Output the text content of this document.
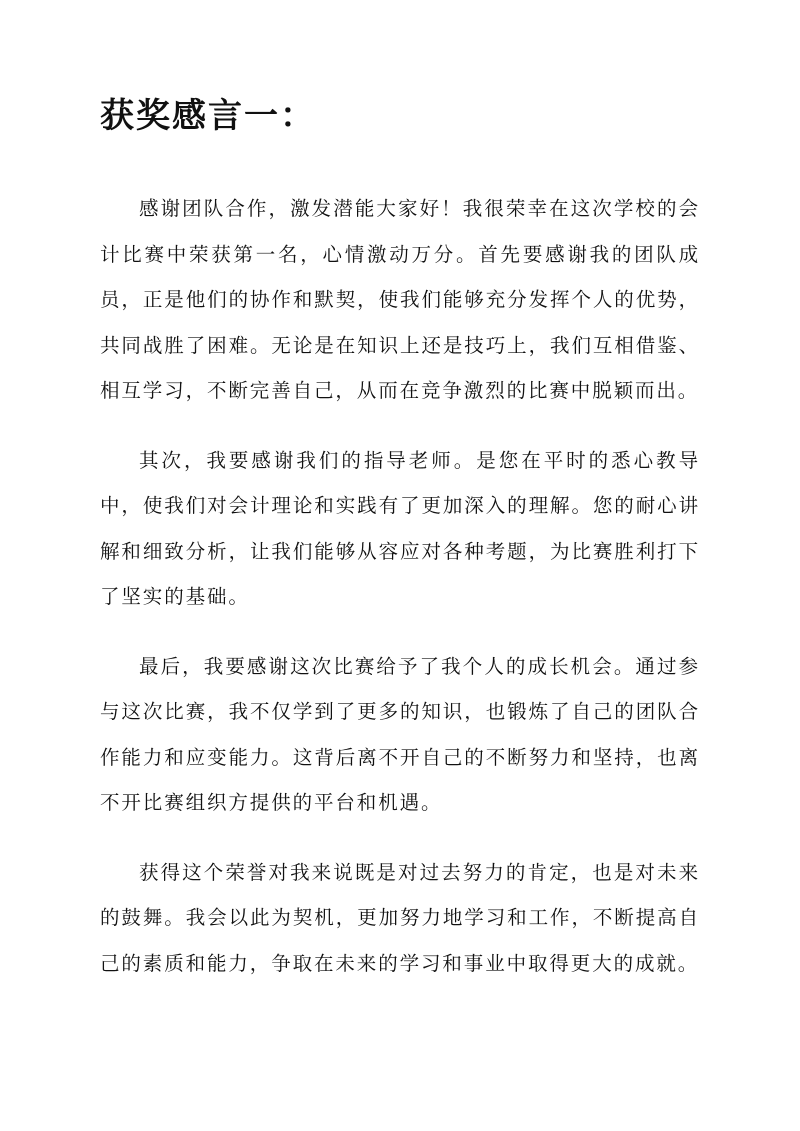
获奖感言一：

感谢团队合作，激发潜能大家好！我很荣幸在这次学校的会计比赛中荣获第一名，心情激动万分。首先要感谢我的团队成员，正是他们的协作和默契，使我们能够充分发挥个人的优势，共同战胜了困难。无论是在知识上还是技巧上，我们互相借鉴、相互学习，不断完善自己，从而在竞争激烈的比赛中脱颖而出。

其次，我要感谢我们的指导老师。是您在平时的悉心教导中，使我们对会计理论和实践有了更加深入的理解。您的耐心讲解和细致分析，让我们能够从容应对各种考题，为比赛胜利打下了坚实的基础。

最后，我要感谢这次比赛给予了我个人的成长机会。通过参与这次比赛，我不仅学到了更多的知识，也锻炼了自己的团队合作能力和应变能力。这背后离不开自己的不断努力和坚持，也离不开比赛组织方提供的平台和机遇。

获得这个荣誉对我来说既是对过去努力的肯定，也是对未来的鼓舞。我会以此为契机，更加努力地学习和工作，不断提高自己的素质和能力，争取在未来的学习和事业中取得更大的成就。
